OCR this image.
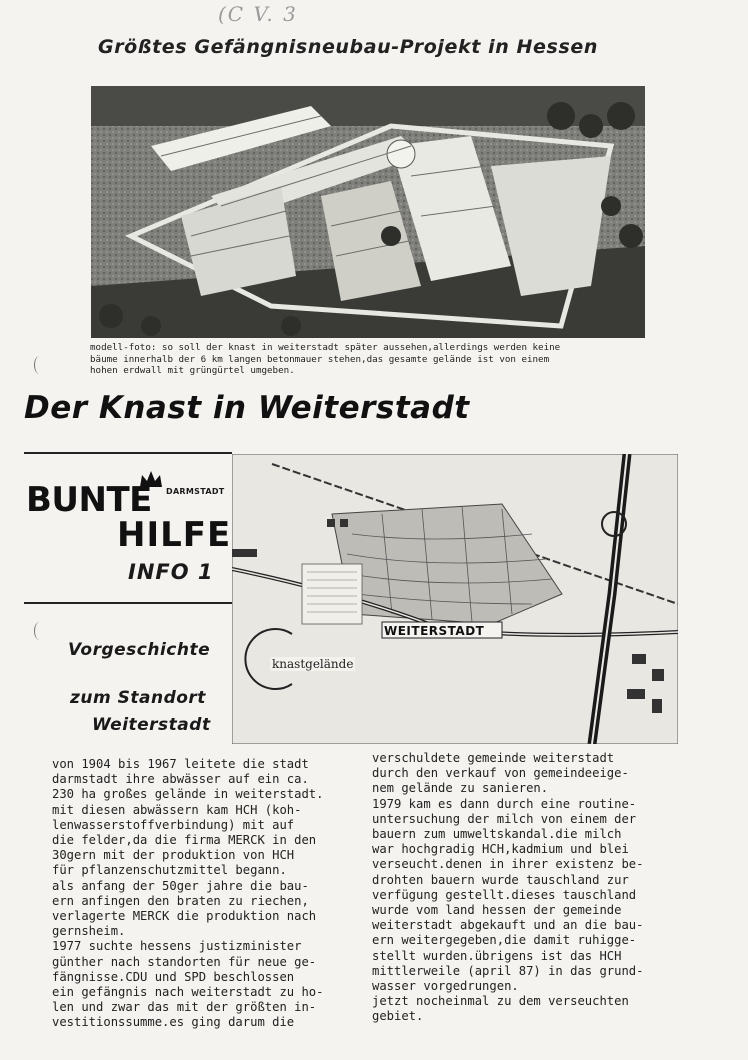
(C V. 3
Größtes Gefängnisneubau-Projekt in Hessen
modell-foto: so soll der knast in weiterstadt später aussehen,allerdings werden keine
bäume innerhalb der 6 km langen betonmauer stehen,das gesamte gelände ist von einem
hohen erdwall mit grüngürtel umgeben.
Der Knast in Weiterstadt
BUNTE DARMSTADT
HILFE
INFO 1
Vorgeschichte
zum Standort
Weiterstadt
WEITERSTADT
knastgelände
von 1904 bis 1967 leitete die stadt
darmstadt ihre abwässer auf ein ca.
230 ha großes gelände in weiterstadt.
mit diesen abwässern kam HCH (koh-
lenwasserstoffverbindung) mit auf
die felder,da die firma MERCK in den
30gern mit der produktion von HCH
für pflanzenschutzmittel begann.
als anfang der 50ger jahre die bau-
ern anfingen den braten zu riechen,
verlagerte MERCK die produktion nach
gernsheim.
1977 suchte hessens justizminister
günther nach standorten für neue ge-
fängnisse.CDU und SPD beschlossen
ein gefängnis nach weiterstadt zu ho-
len und zwar das mit der größten in-
vestitionssumme.es ging darum die
verschuldete gemeinde weiterstadt
durch den verkauf von gemeindeeige-
nem gelände zu sanieren.
1979 kam es dann durch eine routine-
untersuchung der milch von einem der
bauern zum umweltskandal.die milch
war hochgradig HCH,kadmium und blei
verseucht.denen in ihrer existenz be-
drohten bauern wurde tauschland zur
verfügung gestellt.dieses tauschland
wurde vom land hessen der gemeinde
weiterstadt abgekauft und an die bau-
ern weitergegeben,die damit ruhigge-
stellt wurden.übrigens ist das HCH
mittlerweile (april 87) in das grund-
wasser vorgedrungen.
jetzt nocheinmal zu dem verseuchten
gebiet.
